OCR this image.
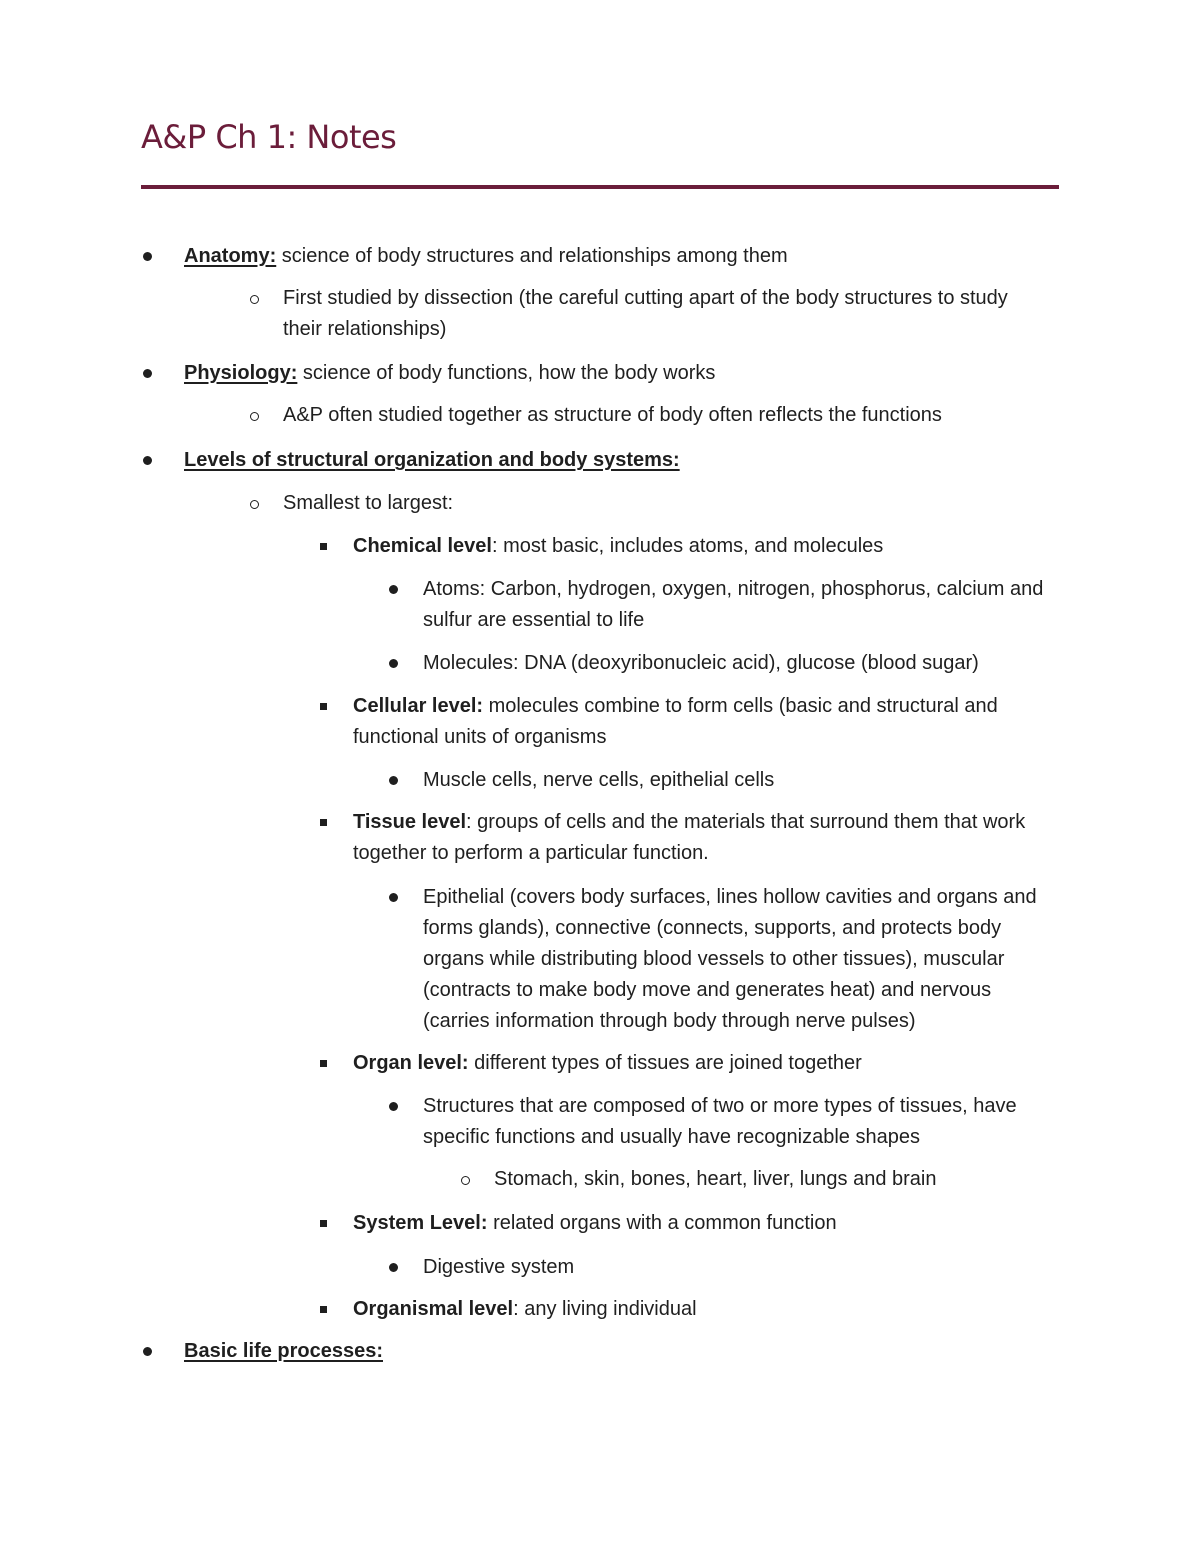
A&P Ch 1: Notes
Anatomy: science of body structures and relationships among them
First studied by dissection (the careful cutting apart of the body structures to study their relationships)
Physiology: science of body functions, how the body works
A&P often studied together as structure of body often reflects the functions
Levels of structural organization and body systems:
Smallest to largest:
Chemical level: most basic, includes atoms, and molecules
Atoms: Carbon, hydrogen, oxygen, nitrogen, phosphorus, calcium and sulfur are essential to life
Molecules: DNA (deoxyribonucleic acid), glucose (blood sugar)
Cellular level: molecules combine to form cells (basic and structural and functional units of organisms
Muscle cells, nerve cells, epithelial cells
Tissue level: groups of cells and the materials that surround them that work together to perform a particular function.
Epithelial (covers body surfaces, lines hollow cavities and organs and forms glands), connective (connects, supports, and protects body organs while distributing blood vessels to other tissues), muscular (contracts to make body move and generates heat) and nervous (carries information through body through nerve pulses)
Organ level: different types of tissues are joined together
Structures that are composed of two or more types of tissues, have specific functions and usually have recognizable shapes
Stomach, skin, bones, heart, liver, lungs and brain
System Level: related organs with a common function
Digestive system
Organismal level: any living individual
Basic life processes:
